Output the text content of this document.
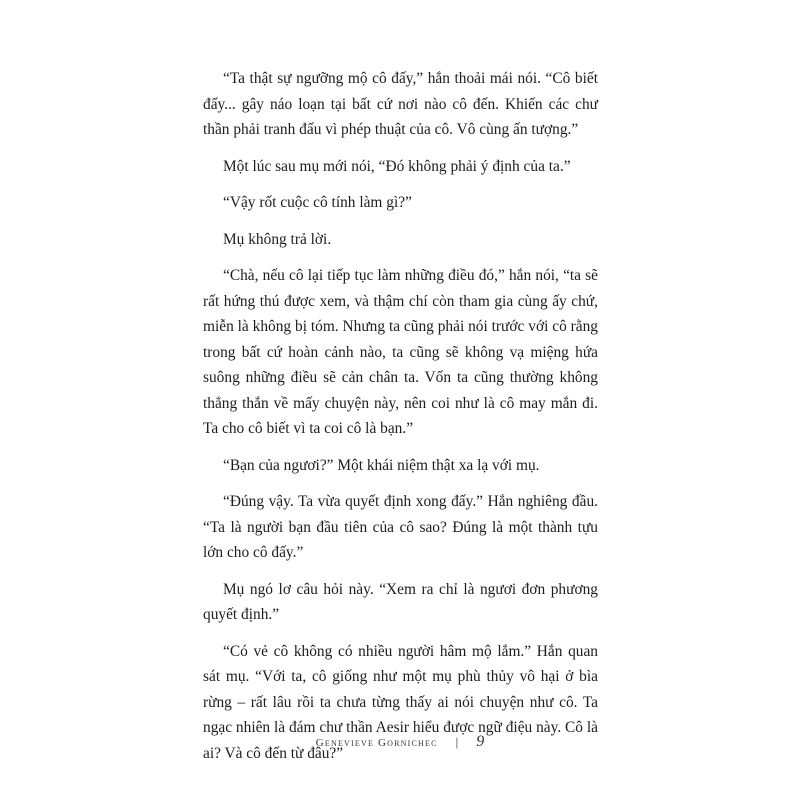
“Ta thật sự ngưỡng mộ cô đấy,” hắn thoải mái nói. “Cô biết đấy... gây náo loạn tại bất cứ nơi nào cô đến. Khiến các chư thần phải tranh đấu vì phép thuật của cô. Vô cùng ấn tượng.”

Một lúc sau mụ mới nói, “Đó không phải ý định của ta.”

“Vậy rốt cuộc cô tính làm gì?”

Mụ không trả lời.

“Chà, nếu cô lại tiếp tục làm những điều đó,” hắn nói, “ta sẽ rất hứng thú được xem, và thậm chí còn tham gia cùng ấy chứ, miễn là không bị tóm. Nhưng ta cũng phải nói trước với cô rằng trong bất cứ hoàn cảnh nào, ta cũng sẽ không vạ miệng hứa suông những điều sẽ cản chân ta. Vốn ta cũng thường không thẳng thắn về mấy chuyện này, nên coi như là cô may mắn đi. Ta cho cô biết vì ta coi cô là bạn.”

“Bạn của ngươi?” Một khái niệm thật xa lạ với mụ.

“Đúng vậy. Ta vừa quyết định xong đấy.” Hắn nghiêng đầu. “Ta là người bạn đầu tiên của cô sao? Đúng là một thành tựu lớn cho cô đấy.”

Mụ ngó lơ câu hỏi này. “Xem ra chỉ là ngươi đơn phương quyết định.”

“Có vẻ cô không có nhiều người hâm mộ lắm.” Hắn quan sát mụ. “Với ta, cô giống như một mụ phù thủy vô hại ở bìa rừng – rất lâu rồi ta chưa từng thấy ai nói chuyện như cô. Ta ngạc nhiên là đám chư thần Aesir hiểu được ngữ điệu này. Cô là ai? Và cô đến từ đâu?”

Genevieve Gornichec | 9
